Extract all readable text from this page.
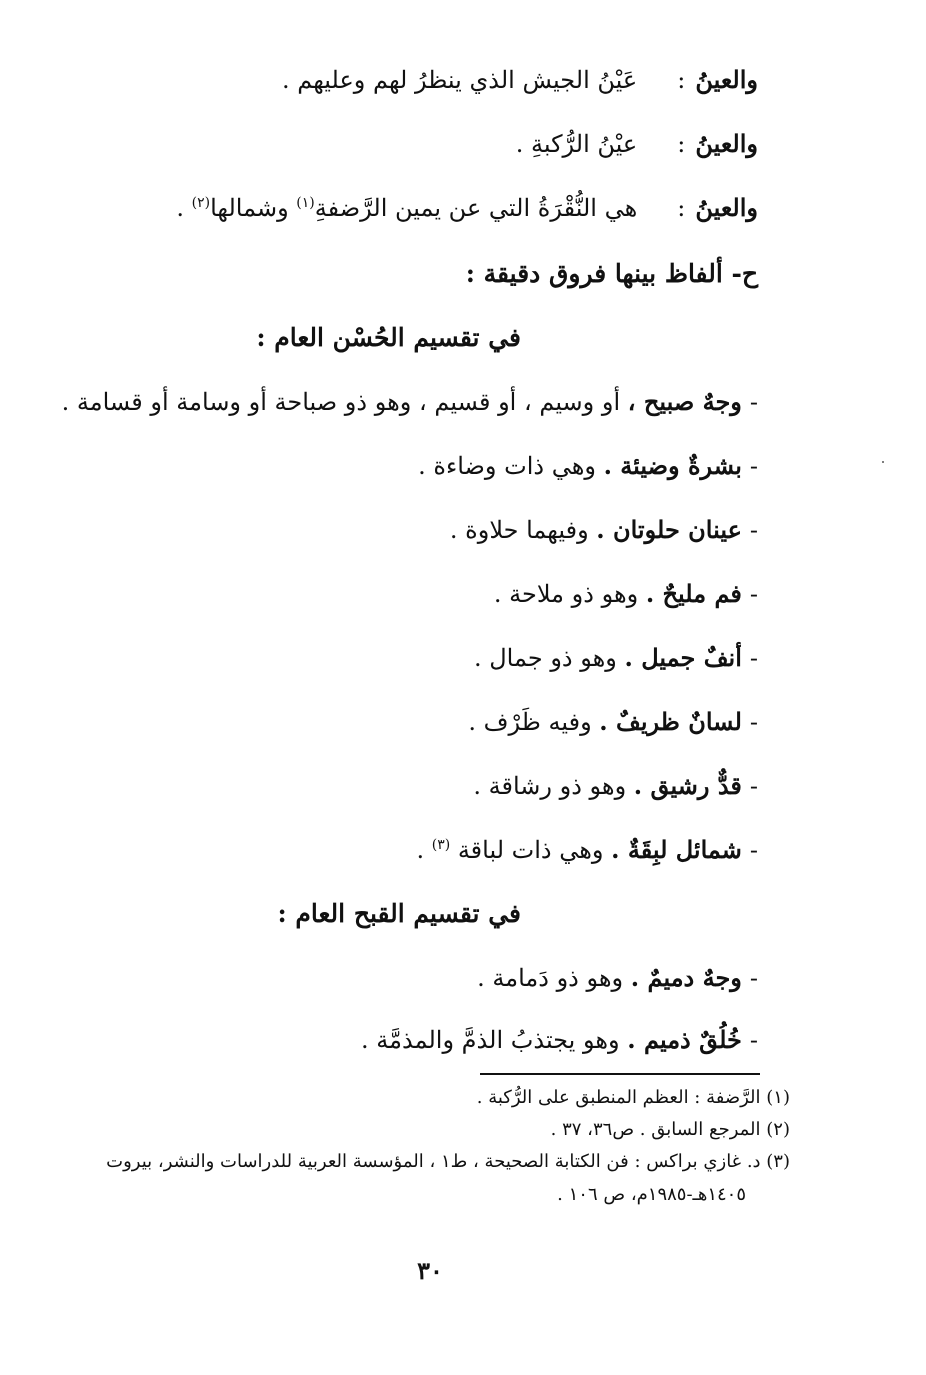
والعينُ:عَيْنُ الجيش الذي ينظرُ لهم وعليهم .
والعينُ:عيْنُ الرُّكبةِ .
والعينُ:هي النُّقْرَةُ التي عن يمين الرَّضفةِ$^{(١)}$ وشمالها$^{(٢)}$ .
ح- ألفاظ بينها فروق دقيقة :
في تقسيم الحُسْن العام :
-وجهٌ صبيح ، أو وسيم ، أو قسيم ، وهو ذو صباحة أو وسامة أو قسامة .
-بشرةٌ وضيئة . وهي ذات وضاءة .
-عينان حلوتان . وفيهما حلاوة .
-فم مليحٌ . وهو ذو ملاحة .
-أنفٌ جميل . وهو ذو جمال .
-لسانٌ ظريفٌ . وفيه ظَرْف .
-قدٌّ رشيق . وهو ذو رشاقة .
-شمائل لبِقَةٌ . وهي ذات لباقة $^{(٣)}$ .
في تقسيم القبح العام :
-وجهٌ دميمٌ . وهو ذو دَمامة .
-خُلُقٌ ذميم . وهو يجتذبُ الذمَّ والمذمَّة .
(١) الرَّضفة : العظم المنطبق على الرُّكبة .
(٢) المرجع السابق . ص٣٦، ٣٧ .
(٣) د. غازي براكس : فن الكتابة الصحيحة ، ط١ ، المؤسسة العربية للدراسات والنشر، بيروت
١٤٠٥هـ-١٩٨٥م، ص ١٠٦ .
٣٠
